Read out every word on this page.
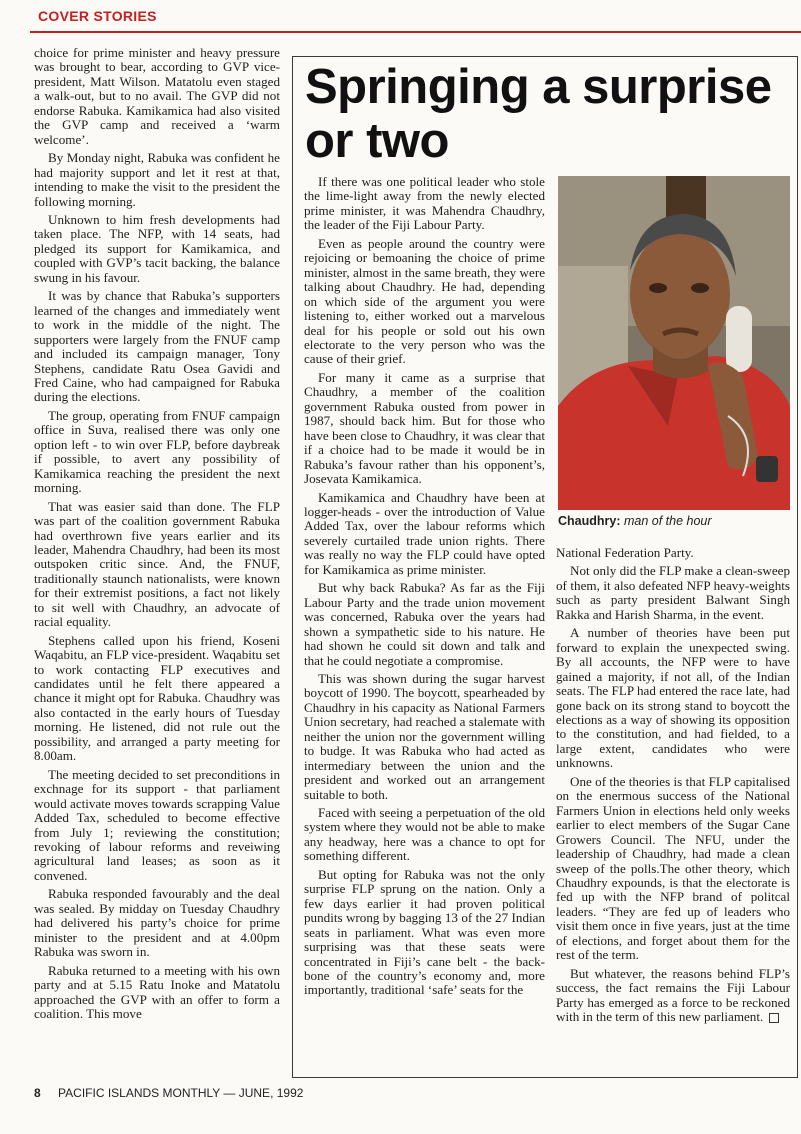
COVER STORIES

choice for prime minister and heavy pressure was brought to bear, according to GVP vice-president, Matt Wilson. Matatolu even staged a walk-out, but to no avail. The GVP did not endorse Rabuka. Kamikamica had also visited the GVP camp and received a ‘warm welcome’.

By Monday night, Rabuka was confident he had majority support and let it rest at that, intending to make the visit to the president the following morning.

Unknown to him fresh developments had taken place. The NFP, with 14 seats, had pledged its support for Kamikamica, and coupled with GVP’s tacit backing, the balance swung in his favour.

It was by chance that Rabuka’s supporters learned of the changes and immediately went to work in the middle of the night. The supporters were largely from the FNUF camp and included its campaign manager, Tony Stephens, candidate Ratu Osea Gavidi and Fred Caine, who had campaigned for Rabuka during the elections.

The group, operating from FNUF campaign office in Suva, realised there was only one option left - to win over FLP, before daybreak if possible, to avert any possibility of Kamikamica reaching the president the next morning.

That was easier said than done. The FLP was part of the coalition government Rabuka had overthrown five years earlier and its leader, Mahendra Chaudhry, had been its most outspoken critic since. And, the FNUF, traditionally staunch nationalists, were known for their extremist positions, a fact not likely to sit well with Chaudhry, an advocate of racial equality.

Stephens called upon his friend, Koseni Waqabitu, an FLP vice-president. Waqabitu set to work contacting FLP executives and candidates until he felt there appeared a chance it might opt for Rabuka. Chaudhry was also contacted in the early hours of Tuesday morning. He listened, did not rule out the possibility, and arranged a party meeting for 8.00am.

The meeting decided to set preconditions in exchnage for its support - that parliament would activate moves towards scrapping Value Added Tax, scheduled to become effective from July 1; reviewing the constitution; revoking of labour reforms and reveiwing agricultural land leases; as soon as it convened.

Rabuka responded favourably and the deal was sealed. By midday on Tuesday Chaudhry had delivered his party’s choice for prime minister to the president and at 4.00pm Rabuka was sworn in.

Rabuka returned to a meeting with his own party and at 5.15 Ratu Inoke and Matatolu approached the GVP with an offer to form a coalition. This move

Springing a surprise or two

If there was one political leader who stole the lime-light away from the newly elected prime minister, it was Mahendra Chaudhry, the leader of the Fiji Labour Party.

Even as people around the country were rejoicing or bemoaning the choice of prime minister, almost in the same breath, they were talking about Chaudhry. He had, depending on which side of the argument you were listening to, either worked out a marvelous deal for his people or sold out his own electorate to the very person who was the cause of their grief.

For many it came as a surprise that Chaudhry, a member of the coalition government Rabuka ousted from power in 1987, should back him. But for those who have been close to Chaudhry, it was clear that if a choice had to be made it would be in Rabuka’s favour rather than his opponent’s, Josevata Kamikamica.

Kamikamica and Chaudhry have been at logger-heads - over the introduction of Value Added Tax, over the labour reforms which severely curtailed trade union rights. There was really no way the FLP could have opted for Kamikamica as prime minister.

But why back Rabuka? As far as the Fiji Labour Party and the trade union movement was concerned, Rabuka over the years had shown a sympathetic side to his nature. He had shown he could sit down and talk and that he could negotiate a compromise.

This was shown during the sugar harvest boycott of 1990. The boycott, spearheaded by Chaudhry in his capacity as National Farmers Union secretary, had reached a stalemate with neither the union nor the government willing to budge. It was Rabuka who had acted as intermediary between the union and the president and worked out an arrangement suitable to both.

Faced with seeing a perpetuation of the old system where they would not be able to make any headway, here was a chance to opt for something different.

But opting for Rabuka was not the only surprise FLP sprung on the nation. Only a few days earlier it had proven political pundits wrong by bagging 13 of the 27 Indian seats in parliament. What was even more surprising was that these seats were concentrated in Fiji’s cane belt - the back-bone of the country’s economy and, more importantly, traditional ‘safe’ seats for the

Chaudhry: man of the hour

National Federation Party.

Not only did the FLP make a clean-sweep of them, it also defeated NFP heavy-weights such as party president Balwant Singh Rakka and Harish Sharma, in the event.

A number of theories have been put forward to explain the unexpected swing. By all accounts, the NFP were to have gained a majority, if not all, of the Indian seats. The FLP had entered the race late, had gone back on its strong stand to boycott the elections as a way of showing its opposition to the constitution, and had fielded, to a large extent, candidates who were unknowns.

One of the theories is that FLP capitalised on the enermous success of the National Farmers Union in elections held only weeks earlier to elect members of the Sugar Cane Growers Council. The NFU, under the leadership of Chaudhry, had made a clean sweep of the polls.The other theory, which Chaudhry expounds, is that the electorate is fed up with the NFP brand of politcal leaders. “They are fed up of leaders who visit them once in five years, just at the time of elections, and forget about them for the rest of the term.

But whatever, the reasons behind FLP’s success, the fact remains the Fiji Labour Party has emerged as a force to be reckoned with in the term of this new parliament.

8 PACIFIC ISLANDS MONTHLY — JUNE, 1992
